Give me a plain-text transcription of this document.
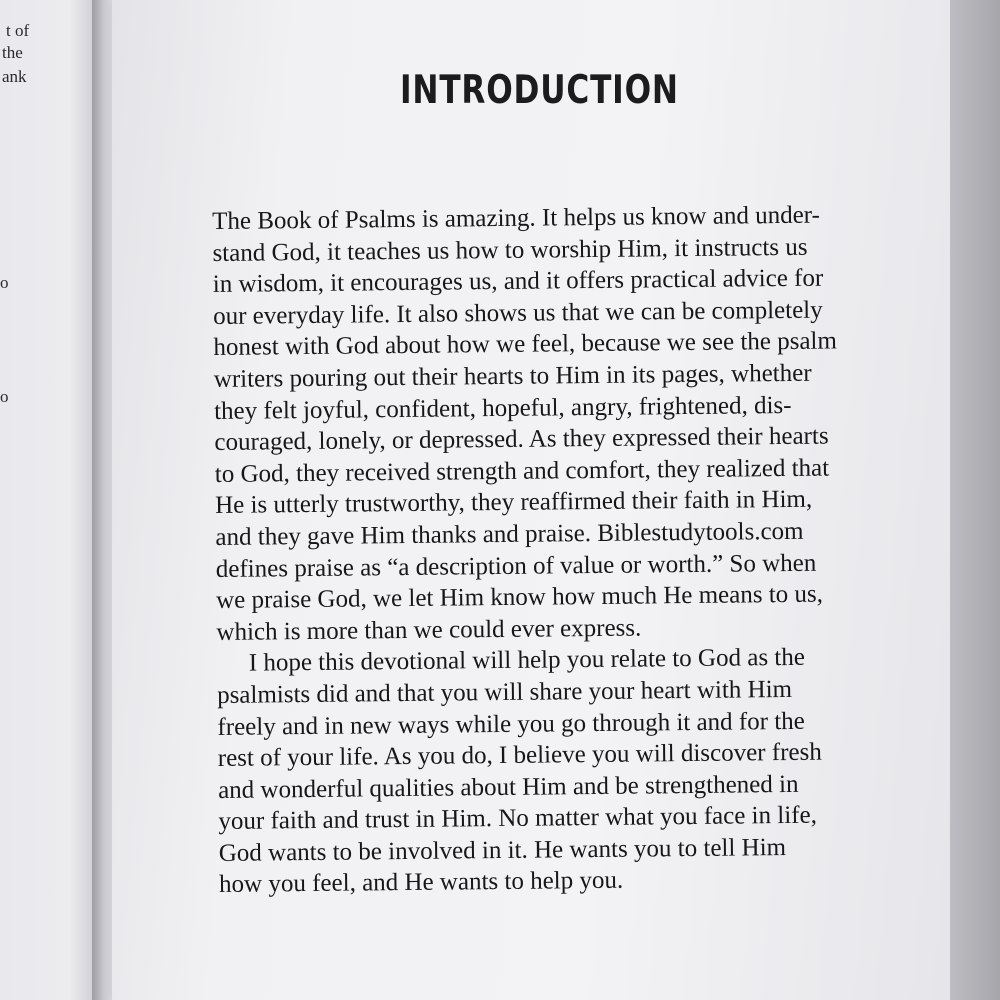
t of
the
ank
o
o
INTRODUCTION
The Book of Psalms is amazing. It helps us know and under-
stand God, it teaches us how to worship Him, it instructs us
in wisdom, it encourages us, and it offers practical advice for
our everyday life. It also shows us that we can be completely
honest with God about how we feel, because we see the psalm
writers pouring out their hearts to Him in its pages, whether
they felt joyful, confident, hopeful, angry, frightened, dis-
couraged, lonely, or depressed. As they expressed their hearts
to God, they received strength and comfort, they realized that
He is utterly trustworthy, they reaffirmed their faith in Him,
and they gave Him thanks and praise. Biblestudytools.com
defines praise as “a description of value or worth.” So when
we praise God, we let Him know how much He means to us,
which is more than we could ever express.
I hope this devotional will help you relate to God as the
psalmists did and that you will share your heart with Him
freely and in new ways while you go through it and for the
rest of your life. As you do, I believe you will discover fresh
and wonderful qualities about Him and be strengthened in
your faith and trust in Him. No matter what you face in life,
God wants to be involved in it. He wants you to tell Him
how you feel, and He wants to help you.
